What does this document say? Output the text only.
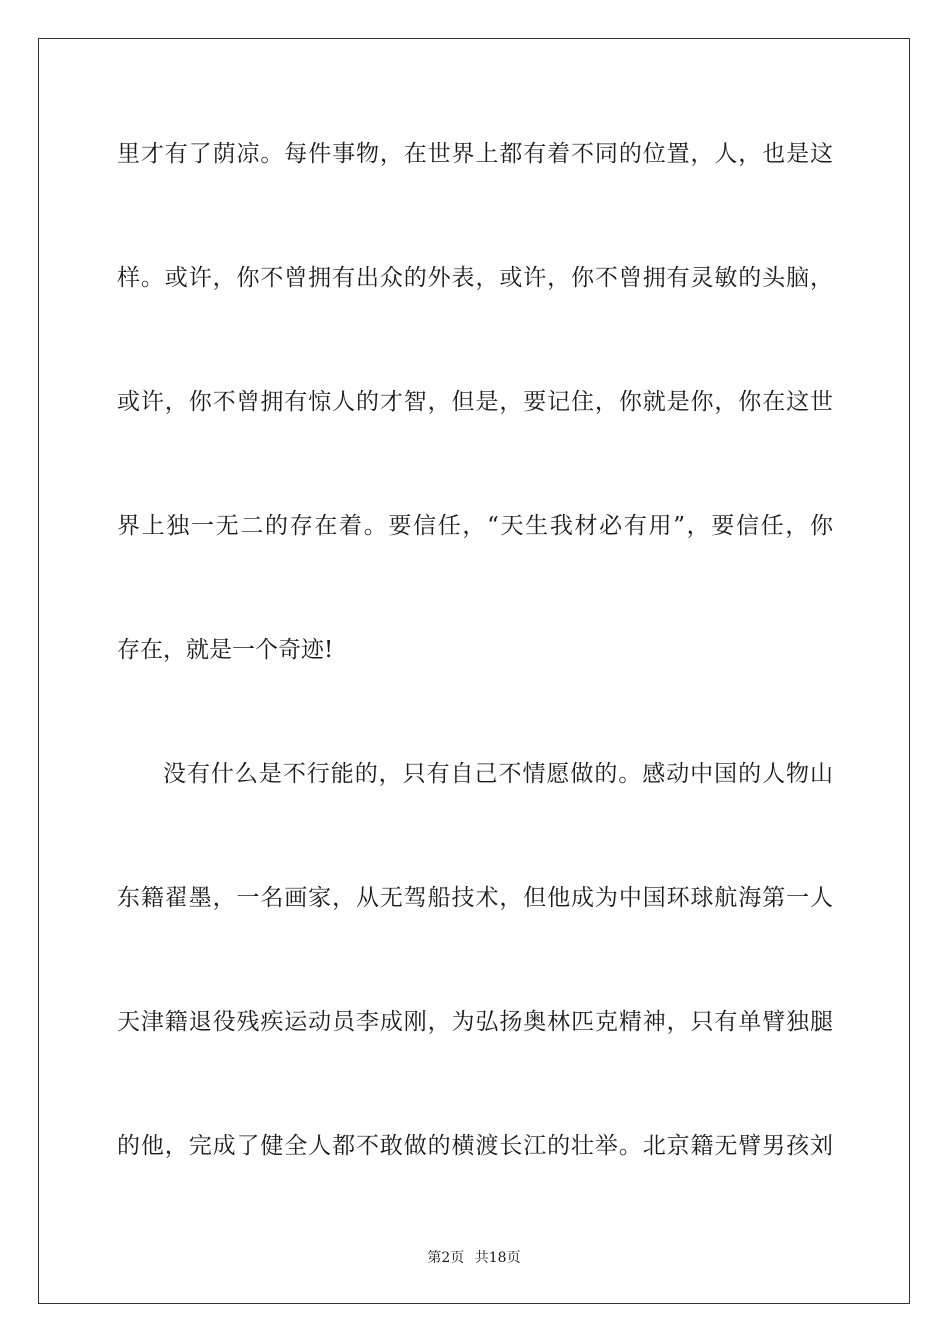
里才有了荫凉。每件事物，在世界上都有着不同的位置，人，也是这
样。或许，你不曾拥有出众的外表，或许，你不曾拥有灵敏的头脑，
或许，你不曾拥有惊人的才智，但是，要记住，你就是你，你在这世
界上独一无二的存在着。要信任，“天生我材必有用”，要信任，你
存在，就是一个奇迹!
没有什么是不行能的，只有自己不情愿做的。感动中国的人物山
东籍翟墨，一名画家，从无驾船技术，但他成为中国环球航海第一人
天津籍退役残疾运动员李成刚，为弘扬奥林匹克精神，只有单臂独腿
的他，完成了健全人都不敢做的横渡长江的壮举。北京籍无臂男孩刘
第2页 共18页
